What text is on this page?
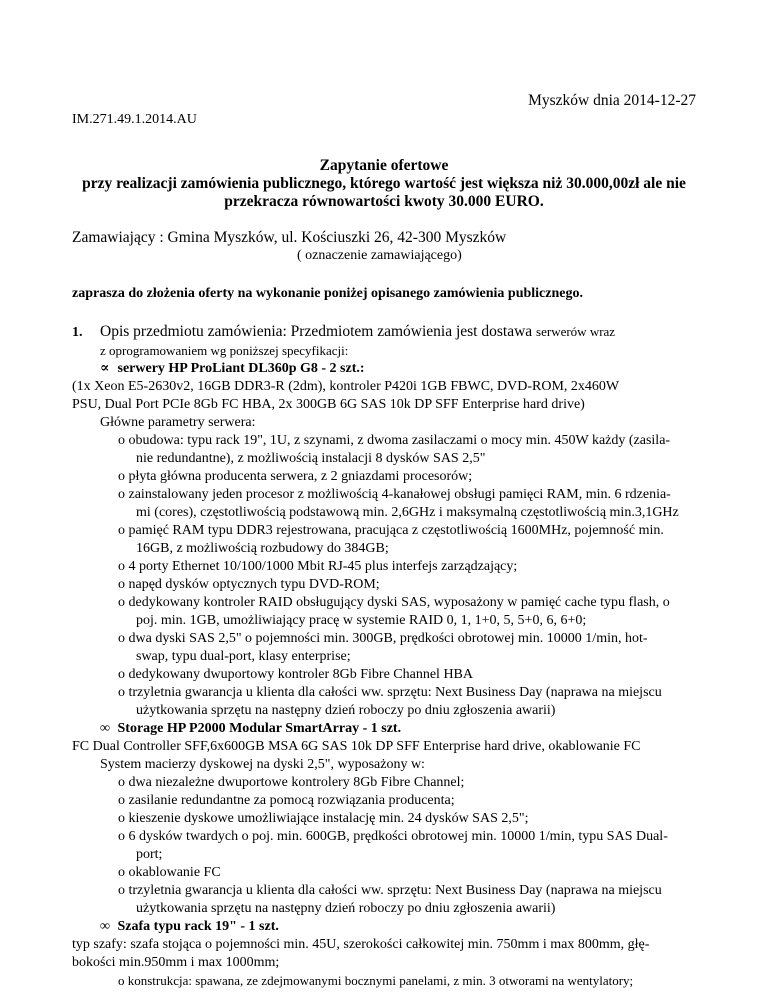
Myszków dnia 2014-12-27
IM.271.49.1.2014.AU
Zapytanie ofertowe
przy realizacji zamówienia publicznego, którego wartość jest większa niż 30.000,00zł ale nie
przekracza równowartości kwoty 30.000 EURO.
Zamawiający : Gmina Myszków, ul. Kościuszki 26, 42-300 Myszków
( oznaczenie zamawiającego)
zaprasza do złożenia oferty na wykonanie poniżej opisanego zamówienia publicznego.
1. Opis przedmiotu zamówienia: Przedmiotem zamówienia jest dostawa serwerów wraz
z oprogramowaniem wg poniższej specyfikacji:
∝ serwery HP ProLiant DL360p G8 - 2 szt.:
(1x Xeon E5-2630v2, 16GB DDR3-R (2dm), kontroler P420i 1GB FBWC, DVD-ROM, 2x460W
PSU, Dual Port PCIe 8Gb FC HBA, 2x 300GB 6G SAS 10k DP SFF Enterprise hard drive)
Główne parametry serwera:
o obudowa: typu rack 19", 1U, z szynami, z dwoma zasilaczami o mocy min. 450W każdy (zasila-
nie redundantne), z możliwością instalacji 8 dysków SAS 2,5"
o płyta główna producenta serwera, z 2 gniazdami procesorów;
o zainstalowany jeden procesor z możliwością 4-kanałowej obsługi pamięci RAM, min. 6 rdzenia-
mi (cores), częstotliwością podstawową min. 2,6GHz i maksymalną częstotliwością min.3,1GHz
o pamięć RAM typu DDR3 rejestrowana, pracująca z częstotliwością 1600MHz, pojemność min.
16GB, z możliwością rozbudowy do 384GB;
o 4 porty Ethernet 10/100/1000 Mbit RJ-45 plus interfejs zarządzający;
o napęd dysków optycznych typu DVD-ROM;
o dedykowany kontroler RAID obsługujący dyski SAS, wyposażony w pamięć cache typu flash, o
poj. min. 1GB, umożliwiający pracę w systemie RAID 0, 1, 1+0, 5, 5+0, 6, 6+0;
o dwa dyski SAS 2,5" o pojemności min. 300GB, prędkości obrotowej min. 10000 1/min, hot-
swap, typu dual-port, klasy enterprise;
o dedykowany dwuportowy kontroler 8Gb Fibre Channel HBA
o trzyletnia gwarancja u klienta dla całości ww. sprzętu: Next Business Day (naprawa na miejscu
użytkowania sprzętu na następny dzień roboczy po dniu zgłoszenia awarii)
∞ Storage HP P2000 Modular SmartArray - 1 szt.
FC Dual Controller SFF,6x600GB MSA 6G SAS 10k DP SFF Enterprise hard drive, okablowanie FC
System macierzy dyskowej na dyski 2,5", wyposażony w:
o dwa niezależne dwuportowe kontrolery 8Gb Fibre Channel;
o zasilanie redundantne za pomocą rozwiązania producenta;
o kieszenie dyskowe umożliwiające instalację min. 24 dysków SAS 2,5";
o 6 dysków twardych o poj. min. 600GB, prędkości obrotowej min. 10000 1/min, typu SAS Dual-
port;
o okablowanie FC
o trzyletnia gwarancja u klienta dla całości ww. sprzętu: Next Business Day (naprawa na miejscu
użytkowania sprzętu na następny dzień roboczy po dniu zgłoszenia awarii)
∞ Szafa typu rack 19" - 1 szt.
typ szafy: szafa stojąca o pojemności min. 45U, szerokości całkowitej min. 750mm i max 800mm, głę-
bokości min.950mm i max 1000mm;
o konstrukcja: spawana, ze zdejmowanymi bocznymi panelami, z min. 3 otworami na wentylatory;
